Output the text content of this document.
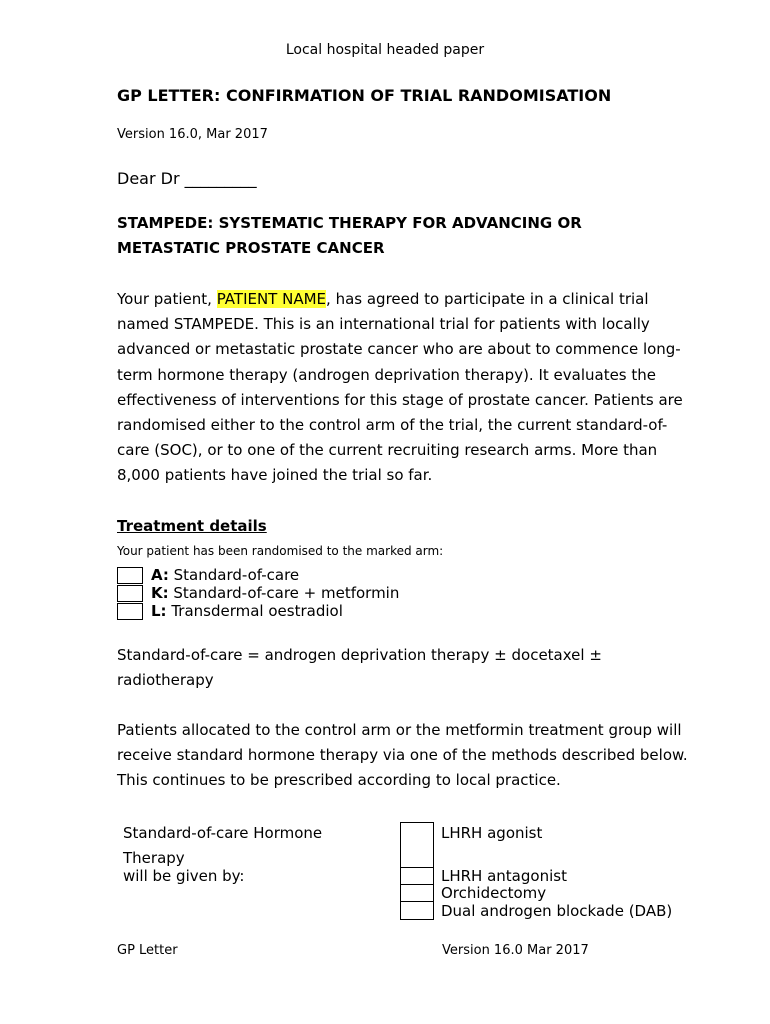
Local hospital headed paper
GP LETTER: CONFIRMATION OF TRIAL RANDOMISATION
Version 16.0, Mar 2017
Dear Dr _________
STAMPEDE: SYSTEMATIC THERAPY FOR ADVANCING OR METASTATIC PROSTATE CANCER
Your patient, PATIENT NAME, has agreed to participate in a clinical trial named STAMPEDE. This is an international trial for patients with locally advanced or metastatic prostate cancer who are about to commence long-term hormone therapy (androgen deprivation therapy). It evaluates the effectiveness of interventions for this stage of prostate cancer. Patients are randomised either to the control arm of the trial, the current standard-of-care (SOC), or to one of the current recruiting research arms. More than 8,000 patients have joined the trial so far.
Treatment details
Your patient has been randomised to the marked arm:
A: Standard-of-care
K: Standard-of-care + metformin
L: Transdermal oestradiol
Standard-of-care = androgen deprivation therapy ± docetaxel ± radiotherapy
Patients allocated to the control arm or the metformin treatment group will receive standard hormone therapy via one of the methods described below. This continues to be prescribed according to local practice.
Standard-of-care Hormone
Therapy
will be given by:
LHRH agonist
LHRH antagonist
Orchidectomy
Dual androgen blockade (DAB)
GP Letter	Version 16.0 Mar 2017
